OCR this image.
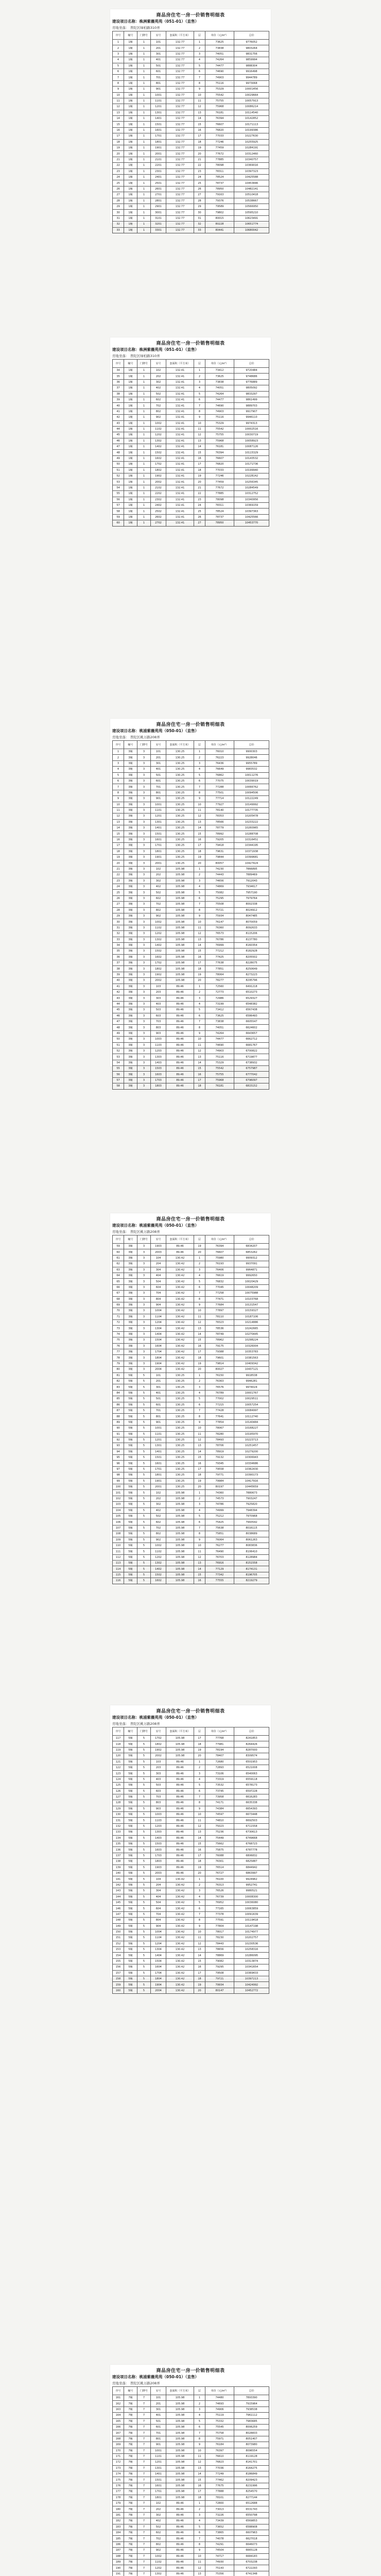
商品房住宅一房一价销售明细表
建设项目名称：株洲紫薇苑苑（051-01）（直售）
房地坐落： 普陀区绿柏路310弄
序号	幢号	门牌号	室号	套面积（平方米）	层	单价（元/m²）	总价
1	1幢	1	101	132.77	1	73625	9776052
2	1幢	1	201	132.77	2	73838	9803264
3	1幢	1	301	132.77	3	74051	9831756
4	1幢	1	401	132.77	4	74264	9859994
5	1幢	1	501	132.77	5	74477	9888304
6	1幢	1	601	132.77	6	74690	9916498
7	1幢	1	701	132.77	7	74903	9944789
8	1幢	1	801	132.77	8	75116	9973068
9	1幢	1	901	132.77	9	75329	10001456
10	1幢	1	1001	132.77	10	75542	10029664
11	1幢	1	1101	132.77	11	75755	10057913
12	1幢	1	1201	132.77	12	75968	10086214
13	1幢	1	1301	132.77	13	76181	10114540
14	1幢	1	1401	132.77	14	76394	10142852
15	1幢	1	1501	132.77	15	76607	10171113
16	1幢	1	1601	132.77	16	76820	10199386
17	1幢	1	1701	132.77	17	77033	10227630
18	1幢	1	1801	132.77	18	77246	10255925
19	1幢	1	1901	132.77	19	77459	10284191
20	1幢	1	2001	132.77	20	77672	10312460
21	1幢	1	2101	132.77	21	77885	10340757
22	1幢	1	2201	132.77	22	78098	10369016
23	1幢	1	2301	132.77	23	78311	10397323
24	1幢	1	2401	132.77	24	78524	10425588
25	1幢	1	2501	132.77	25	78737	10453846
26	1幢	1	2601	132.77	26	78950	10482141
27	1幢	1	2701	132.77	27	79163	10510418
28	1幢	1	2801	132.77	28	79376	10538667
29	1幢	1	2901	132.77	29	79589	10566950
30	1幢	1	3001	132.77	30	79802	10595210
31	1幢	1	3101	132.77	31	80015	10623491
32	1幢	1	3201	132.77	32	80228	10651774
33	1幢	1	3301	132.77	33	80441	10680042
商品房住宅一房一价销售明细表
建设项目名称：株洲紫薇苑苑（051-01）（直售）
房地坐落： 普陀区绿柏路310弄
序号	幢号	门牌号	室号	套面积（平方米）	层	单价（元/m²）	总价
34	1幢	1	102	132.41	1	73412	9720484
35	1幢	1	202	132.41	2	73625	9748686
36	1幢	1	302	132.41	3	73838	9776889
37	1幢	1	402	132.41	4	74051	9805092
38	1幢	1	502	132.41	5	74264	9833297
39	1幢	1	602	132.41	6	74477	9861499
40	1幢	1	702	132.41	7	74690	9889703
41	1幢	1	802	132.41	8	74903	9917907
42	1幢	1	902	132.41	9	75116	9946110
43	1幢	1	1002	132.41	10	75329	9974313
44	1幢	1	1102	132.41	11	75542	10002516
45	1幢	1	1202	132.41	12	75755	10030719
46	1幢	1	1302	132.41	13	75968	10058923
47	1幢	1	1402	132.41	14	76181	10087126
48	1幢	1	1502	132.41	15	76394	10115329
49	1幢	1	1602	132.41	16	76607	10143532
50	1幢	1	1702	132.41	17	76820	10171736
51	1幢	1	1802	132.41	18	77033	10199940
52	1幢	1	1902	132.41	19	77246	10228142
53	1幢	1	2002	132.41	20	77459	10256345
54	1幢	1	2102	132.41	21	77672	10284549
55	1幢	1	2202	132.41	22	77885	10312752
56	1幢	1	2302	132.41	23	78098	10340956
57	1幢	1	2402	132.41	24	78311	10369159
58	1幢	1	2502	132.41	25	78524	10397363
59	1幢	1	2602	132.41	26	78737	10425566
60	1幢	1	2702	132.41	27	78950	10453770
商品房住宅一房一价销售明细表
建设项目名称：桃浦紫薇苑苑（050-01）（直售）
房地坐落： 普陀区桃万路208弄
序号	幢号	门牌号	室号	套面积（平方米）	层	单价（元/m²）	总价
1	3幢	3	101	130.25	1	76010	9900303
2	3幢	3	201	130.25	2	76223	9928046
3	3幢	3	301	130.25	3	76436	9955789
4	3幢	3	401	130.25	4	76649	9983532
5	3幢	3	501	130.25	5	76862	10011276
6	3幢	3	601	130.25	6	77075	10039019
7	3幢	3	701	130.25	7	77288	10066762
8	3幢	3	801	130.25	8	77501	10094506
9	3幢	3	901	130.25	9	77714	10122249
10	3幢	3	1001	130.25	10	77927	10149992
11	3幢	3	1101	130.25	11	78140	10177735
12	3幢	3	1201	130.25	12	78353	10205478
13	3幢	3	1301	130.25	13	78566	10233222
14	3幢	3	1401	130.25	14	78779	10260965
15	3幢	3	1501	130.25	15	78992	10288708
16	3幢	3	1601	130.25	16	79205	10316451
17	3幢	3	1701	130.25	17	79418	10344195
18	3幢	3	1801	130.25	18	79631	10371938
19	3幢	3	1901	130.25	19	79844	10399681
20	3幢	3	2001	130.25	20	80057	10427424
21	3幢	3	102	105.98	1	74230	7866895
22	3幢	3	202	105.98	2	74443	7889469
23	3幢	3	302	105.98	3	74656	7912043
24	3幢	3	402	105.98	4	74869	7934617
25	3幢	3	502	105.98	5	75082	7957190
26	3幢	3	602	105.98	6	75295	7979764
27	3幢	3	702	105.98	7	75508	8002338
28	3幢	3	802	105.98	8	75721	8024912
29	3幢	3	902	105.98	9	75934	8047485
30	3幢	3	1002	105.98	10	76147	8070059
31	3幢	3	1102	105.98	11	76360	8092633
32	3幢	3	1202	105.98	12	76573	8115206
33	3幢	3	1302	105.98	13	76786	8137780
34	3幢	3	1402	105.98	14	76999	8160354
35	3幢	3	1502	105.98	15	77212	8182928
36	3幢	3	1602	105.98	16	77425	8205502
37	3幢	3	1702	105.98	17	77638	8228075
38	3幢	3	1802	105.98	18	77851	8250649
39	3幢	3	1902	105.98	19	78064	8273223
40	3幢	3	2002	105.98	20	78277	8295796
41	3幢	3	103	89.46	1	72560	6491218
42	3幢	3	203	89.46	2	72773	6510273
43	3幢	3	303	89.46	3	72986	6529327
44	3幢	3	403	89.46	4	73199	6548382
45	3幢	3	503	89.46	5	73412	6567438
46	3幢	3	603	89.46	6	73625	6586493
47	3幢	3	703	89.46	7	73838	6605547
48	3幢	3	803	89.46	8	74051	6624602
49	3幢	3	903	89.46	9	74264	6643657
50	3幢	3	1003	89.46	10	74477	6662712
51	3幢	3	1103	89.46	11	74690	6681767
52	3幢	3	1203	89.46	12	74903	6700822
53	3幢	3	1303	89.46	13	75116	6719877
54	3幢	3	1403	89.46	14	75329	6738932
55	3幢	3	1503	89.46	15	75542	6757987
56	3幢	3	1603	89.46	16	75755	6777042
57	3幢	3	1703	89.46	17	75968	6796097
58	3幢	3	1803	89.46	18	76181	6815152
商品房住宅一房一价销售明细表
建设项目名称：桃浦紫薇苑苑（050-01）（直售）
房地坐落： 普陀区桃万路208弄
序号	幢号	门牌号	室号	套面积（平方米）	层	单价（元/m²）	总价
59	3幢	3	1903	89.46	19	76394	6834207
60	3幢	3	2003	89.46	20	76607	6853262
61	3幢	3	104	130.42	1	75980	9909312
62	3幢	3	204	130.42	2	76193	9937091
63	3幢	3	304	130.42	3	76406	9964871
64	3幢	3	404	130.42	4	76619	9992650
65	3幢	3	504	130.42	5	76832	10020429
66	3幢	3	604	130.42	6	77045	10048209
67	3幢	3	704	130.42	7	77258	10075988
68	3幢	3	804	130.42	8	77471	10103768
69	3幢	3	904	130.42	9	77684	10131547
70	3幢	3	1004	130.42	10	77897	10159327
71	3幢	3	1104	130.42	11	78110	10187106
72	3幢	3	1204	130.42	12	78323	10214886
73	3幢	3	1304	130.42	13	78536	10242665
74	3幢	3	1404	130.42	14	78749	10270445
75	3幢	3	1504	130.42	15	78962	10298224
76	3幢	3	1604	130.42	16	79175	10326004
77	3幢	3	1704	130.42	17	79388	10353783
78	3幢	3	1804	130.42	18	79601	10381563
79	3幢	3	1904	130.42	19	79814	10409342
80	3幢	3	2004	130.42	20	80027	10437121
81	5幢	5	101	130.25	1	76150	9918538
82	5幢	5	201	130.25	2	76363	9946281
83	5幢	5	301	130.25	3	76576	9974024
84	5幢	5	401	130.25	4	76789	10001767
85	5幢	5	501	130.25	5	77002	10029511
86	5幢	5	601	130.25	6	77215	10057254
87	5幢	5	701	130.25	7	77428	10084997
88	5幢	5	801	130.25	8	77641	10112740
89	5幢	5	901	130.25	9	77854	10140484
90	5幢	5	1001	130.25	10	78067	10168227
91	5幢	5	1101	130.25	11	78280	10195970
92	5幢	5	1201	130.25	12	78493	10223713
93	5幢	5	1301	130.25	13	78706	10251457
94	5幢	5	1401	130.25	14	78919	10279200
95	5幢	5	1501	130.25	15	79132	10306943
96	5幢	5	1601	130.25	16	79345	10334686
97	5幢	5	1701	130.25	17	79558	10362430
98	5幢	5	1801	130.25	18	79771	10390173
99	5幢	5	1901	130.25	19	79984	10417916
100	5幢	5	2001	130.25	20	80197	10445659
101	5幢	5	102	105.98	1	74360	7880673
102	5幢	5	202	105.98	2	74573	7903247
103	5幢	5	302	105.98	3	74786	7925820
104	5幢	5	402	105.98	4	74999	7948394
105	5幢	5	502	105.98	5	75212	7970968
106	5幢	5	602	105.98	6	75425	7993542
107	5幢	5	702	105.98	7	75638	8016115
108	5幢	5	802	105.98	8	75851	8038689
109	5幢	5	902	105.98	9	76064	8061263
110	5幢	5	1002	105.98	10	76277	8083836
111	5幢	5	1102	105.98	11	76490	8106410
112	5幢	5	1202	105.98	12	76703	8128984
113	5幢	5	1302	105.98	13	76916	8151558
114	5幢	5	1402	105.98	14	77129	8174131
115	5幢	5	1502	105.98	15	77342	8196705
116	5幢	5	1602	105.98	16	77555	8219279
商品房住宅一房一价销售明细表
建设项目名称：桃浦紫薇苑苑（050-01）（直售）
房地坐落： 普陀区桃万路208弄
序号	幢号	门牌号	室号	套面积（平方米）	层	单价（元/m²）	总价
117	5幢	5	1702	105.98	17	77768	8241853
118	5幢	5	1802	105.98	18	77981	8264426
119	5幢	5	1902	105.98	19	78194	8287000
120	5幢	5	2002	105.98	20	78407	8309574
121	5幢	5	103	89.46	1	72680	6501953
122	5幢	5	203	89.46	2	72893	6521008
123	5幢	5	303	89.46	3	73106	6540063
124	5幢	5	403	89.46	4	73319	6559118
125	5幢	5	503	89.46	5	73532	6578173
126	5幢	5	603	89.46	6	73745	6597228
127	5幢	5	703	89.46	7	73958	6616283
128	5幢	5	803	89.46	8	74171	6635338
129	5幢	5	903	89.46	9	74384	6654393
130	5幢	5	1003	89.46	10	74597	6673448
131	5幢	5	1103	89.46	11	74810	6692503
132	5幢	5	1203	89.46	12	75023	6711558
133	5幢	5	1303	89.46	13	75236	6730613
134	5幢	5	1403	89.46	14	75449	6749668
135	5幢	5	1503	89.46	15	75662	6768723
136	5幢	5	1603	89.46	16	75875	6787778
137	5幢	5	1703	89.46	17	76088	6806832
138	5幢	5	1803	89.46	18	76301	6825887
139	5幢	5	1903	89.46	19	76514	6844942
140	5幢	5	2003	89.46	20	76727	6863997
141	5幢	5	104	130.42	1	76100	9924962
142	5幢	5	204	130.42	2	76313	9952741
143	5幢	5	304	130.42	3	76526	9980521
144	5幢	5	404	130.42	4	76739	10008300
145	5幢	5	504	130.42	5	76952	10036080
146	5幢	5	604	130.42	6	77165	10063859
147	5幢	5	704	130.42	7	77378	10091639
148	5幢	5	804	130.42	8	77591	10119418
149	5幢	5	904	130.42	9	77804	10147198
150	5幢	5	1004	130.42	10	78017	10174977
151	5幢	5	1104	130.42	11	78230	10202757
152	5幢	5	1204	130.42	12	78443	10230536
153	5幢	5	1304	130.42	13	78656	10258316
154	5幢	5	1404	130.42	14	78869	10286095
155	5幢	5	1504	130.42	15	79082	10313874
156	5幢	5	1604	130.42	16	79295	10341654
157	5幢	5	1704	130.42	17	79508	10369433
158	5幢	5	1804	130.42	18	79721	10397213
159	5幢	5	1904	130.42	19	79934	10424992
160	5幢	5	2004	130.42	20	80147	10452772
商品房住宅一房一价销售明细表
建设项目名称：桃浦紫薇苑苑（050-01）（直售）
房地坐落： 普陀区桃万路208弄
序号	幢号	门牌号	室号	套面积（平方米）	层	单价（元/m²）	总价
161	7幢	7	101	105.98	1	74480	7893390
162	7幢	7	201	105.98	2	74693	7915964
163	7幢	7	301	105.98	3	74906	7938538
164	7幢	7	401	105.98	4	75119	7961112
165	7幢	7	501	105.98	5	75332	7983685
166	7幢	7	601	105.98	6	75545	8006259
167	7幢	7	701	105.98	7	75758	8028833
168	7幢	7	801	105.98	8	75971	8051407
169	7幢	7	901	105.98	9	76184	8073980
170	7幢	7	1001	105.98	10	76397	8096554
171	7幢	7	1101	105.98	11	76610	8119128
172	7幢	7	1201	105.98	12	76823	8141701
173	7幢	7	1301	105.98	13	77036	8164275
174	7幢	7	1401	105.98	14	77249	8186849
175	7幢	7	1501	105.98	15	77462	8209423
176	7幢	7	1601	105.98	16	77675	8231996
177	7幢	7	1701	105.98	17	77888	8254570
178	7幢	7	1801	105.98	18	78101	8277144
179	7幢	7	102	89.46	1	72800	6512688
180	7幢	7	202	89.46	2	73013	6531743
181	7幢	7	302	89.46	3	73226	6550798
182	7幢	7	402	89.46	4	73439	6569853
183	7幢	7	502	89.46	5	73652	6588908
184	7幢	7	602	89.46	6	73865	6607963
185	7幢	7	702	89.46	7	74078	6627018
186	7幢	7	802	89.46	8	74291	6646073
187	7幢	7	902	89.46	9	74504	6665128
188	7幢	7	1002	89.46	10	74717	6684183
189	7幢	7	1102	89.46	11	74930	6703238
190	7幢	7	1202	89.46	12	75143	6722293
191	7幢	7	1302	89.46	13	75356	6741348
